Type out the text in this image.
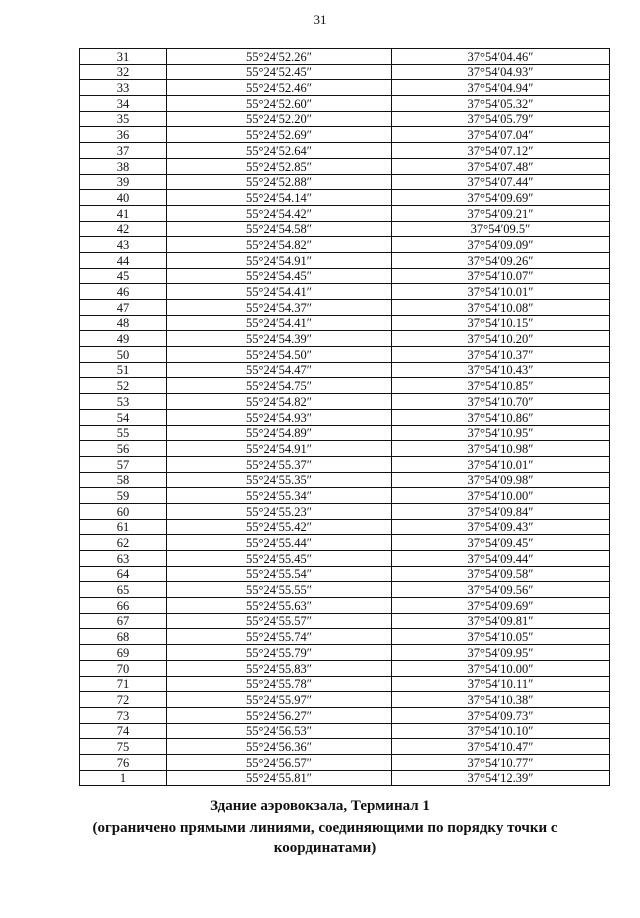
31
31	55°24′52.26″	37°54′04.46″
32	55°24′52.45″	37°54′04.93″
33	55°24′52.46″	37°54′04.94″
34	55°24′52.60″	37°54′05.32″
35	55°24′52.20″	37°54′05.79″
36	55°24′52.69″	37°54′07.04″
37	55°24′52.64″	37°54′07.12″
38	55°24′52.85″	37°54′07.48″
39	55°24′52.88″	37°54′07.44″
40	55°24′54.14″	37°54′09.69″
41	55°24′54.42″	37°54′09.21″
42	55°24′54.58″	37°54′09.5″
43	55°24′54.82″	37°54′09.09″
44	55°24′54.91″	37°54′09.26″
45	55°24′54.45″	37°54′10.07″
46	55°24′54.41″	37°54′10.01″
47	55°24′54.37″	37°54′10.08″
48	55°24′54.41″	37°54′10.15″
49	55°24′54.39″	37°54′10.20″
50	55°24′54.50″	37°54′10.37″
51	55°24′54.47″	37°54′10.43″
52	55°24′54.75″	37°54′10.85″
53	55°24′54.82″	37°54′10.70″
54	55°24′54.93″	37°54′10.86″
55	55°24′54.89″	37°54′10.95″
56	55°24′54.91″	37°54′10.98″
57	55°24′55.37″	37°54′10.01″
58	55°24′55.35″	37°54′09.98″
59	55°24′55.34″	37°54′10.00″
60	55°24′55.23″	37°54′09.84″
61	55°24′55.42″	37°54′09.43″
62	55°24′55.44″	37°54′09.45″
63	55°24′55.45″	37°54′09.44″
64	55°24′55.54″	37°54′09.58″
65	55°24′55.55″	37°54′09.56″
66	55°24′55.63″	37°54′09.69″
67	55°24′55.57″	37°54′09.81″
68	55°24′55.74″	37°54′10.05″
69	55°24′55.79″	37°54′09.95″
70	55°24′55.83″	37°54′10.00″
71	55°24′55.78″	37°54′10.11″
72	55°24′55.97″	37°54′10.38″
73	55°24′56.27″	37°54′09.73″
74	55°24′56.53″	37°54′10.10″
75	55°24′56.36″	37°54′10.47″
76	55°24′56.57″	37°54′10.77″
1	55°24′55.81″	37°54′12.39″
Здание аэровокзала, Терминал 1
(ограничено прямыми линиями, соединяющими по порядку точки с координатами)
